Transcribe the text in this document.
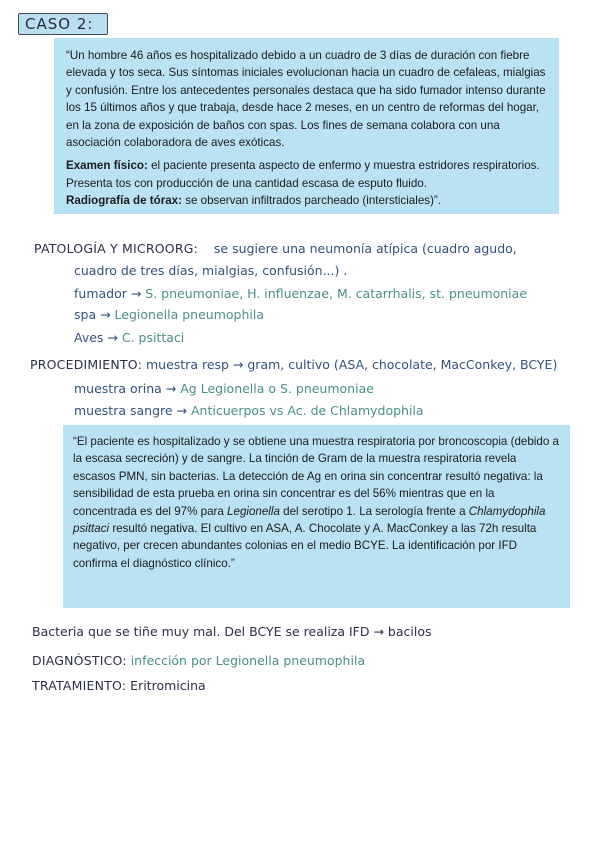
CASO 2:

“Un hombre 46 años es hospitalizado debido a un cuadro de 3 días de duración con fiebre elevada y tos seca. Sus síntomas iniciales evolucionan hacia un cuadro de cefaleas, mialgias y confusión. Entre los antecedentes personales destaca que ha sido fumador intenso durante los 15 últimos años y que trabaja, desde hace 2 meses, en un centro de reformas del hogar, en la zona de exposición de baños con spas. Los fines de semana colabora con una asociación colaboradora de aves exóticas.

Examen físico: el paciente presenta aspecto de enfermo y muestra estridores respiratorios. Presenta tos con producción de una cantidad escasa de esputo fluido.
Radiografía de tórax: se observan infiltrados parcheado (intersticiales)”.

PATOLOGÍA Y MICROORG:    se sugiere una neumonía atípica (cuadro agudo,
cuadro de tres días, mialgias, confusión...) .
fumador → S. pneumoniae, H. influenzae, M. catarrhalis, st. pneumoniae
spa → Legionella pneumophila
Aves → C. psittaci
PROCEDIMIENTO: muestra resp → gram, cultivo (ASA, chocolate, MacConkey, BCYE)
muestra orina → Ag Legionella o S. pneumoniae
muestra sangre → Anticuerpos vs Ac. de Chlamydophila

“El paciente es hospitalizado y se obtiene una muestra respiratoria por broncoscopia (debido a la escasa secreción) y de sangre. La tinción de Gram de la muestra respiratoria revela escasos PMN, sin bacterias. La detección de Ag en orina sin concentrar resultó negativa: la sensibilidad de esta prueba en orina sin concentrar es del 56% mientras que en la concentrada es del 97% para Legionella del serotipo 1. La serología frente a Chlamydophila psittaci resultó negativa. El cultivo en ASA, A. Chocolate y A. MacConkey a las 72h resulta negativo, per crecen abundantes colonias en el medio BCYE. La identificación por IFD confirma el diagnóstico clínico.”

Bacteria que se tiñe muy mal. Del BCYE se realiza IFD → bacilos
DIAGNÓSTICO: infección por Legionella pneumophila
TRATAMIENTO: Eritromicina
